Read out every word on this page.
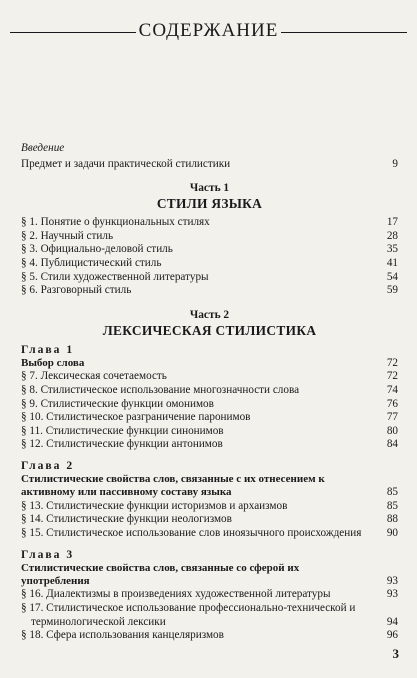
СОДЕРЖАНИЕ
Введение
Предмет и задачи практической стилистики	9
Часть 1
СТИЛИ ЯЗЫКА
§ 1. Понятие о функциональных стилях	17
§ 2. Научный стиль	28
§ 3. Официально-деловой стиль	35
§ 4. Публицистический стиль	41
§ 5. Стили художественной литературы	54
§ 6. Разговорный стиль	59
Часть 2
ЛЕКСИЧЕСКАЯ СТИЛИСТИКА
Глава 1
Выбор слова	72
§ 7. Лексическая сочетаемость	72
§ 8. Стилистическое использование многозначности слова	74
§ 9. Стилистические функции омонимов	76
§ 10. Стилистическое разграничение паронимов	77
§ 11. Стилистические функции синонимов	80
§ 12. Стилистические функции антонимов	84
Глава 2
Стилистические свойства слов, связанные с их отнесением к активному или пассивному составу языка	85
§ 13. Стилистические функции историзмов и архаизмов	85
§ 14. Стилистические функции неологизмов	88
§ 15. Стилистическое использование слов иноязычного происхождения	90
Глава 3
Стилистические свойства слов, связанные со сферой их употребления	93
§ 16. Диалектизмы в произведениях художественной литературы	93
§ 17. Стилистическое использование профессионально-технической и терминологической лексики	94
§ 18. Сфера использования канцеляризмов	96
3
